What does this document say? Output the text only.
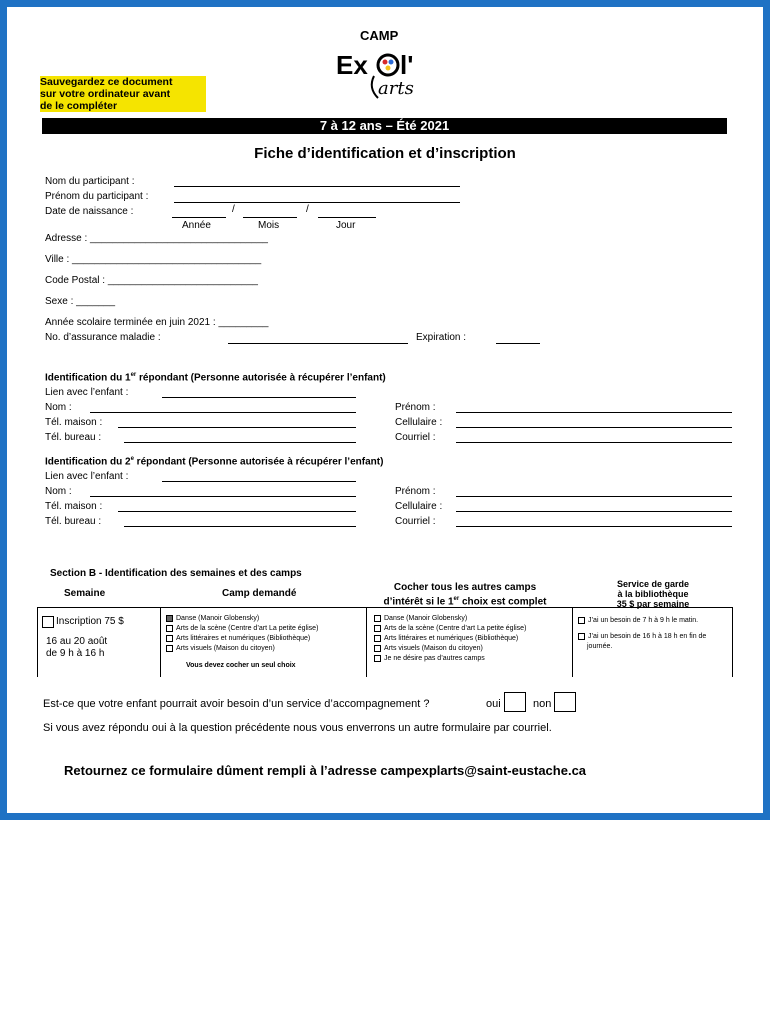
CAMP
Ex l'
arts
Sauvegardez ce document
sur votre ordinateur avant
de le compléter
7 à 12 ans – Été 2021
Fiche d’identification et d’inscription
Nom du participant :
Prénom du participant :
Date de naissance :	/	/
Année	Mois	Jour
Adresse : ________________________________
Ville : __________________________________
Code Postal : ___________________________
Sexe : _______
Année scolaire terminée en juin 2021 : _________
No. d’assurance maladie :	Expiration :
Identification du 1er répondant (Personne autorisée à récupérer l’enfant)
Lien avec l’enfant :
Nom :
Tél. maison :
Tél. bureau :
Prénom :
Cellulaire :
Courriel :
Identification du 2e répondant (Personne autorisée à récupérer l’enfant)
Lien avec l’enfant :
Nom :
Tél. maison :
Tél. bureau :
Prénom :
Cellulaire :
Courriel :
Section B - Identification des semaines et des camps
Semaine	Camp demandé
Cocher tous les autres camps
d’intérêt si le 1er choix est complet
Service de garde
à la bibliothèque
35 $ par semaine
Inscription 75 $
16 au 20 août
de 9 h à 16 h
Danse (Manoir Globensky)
Arts de la scène (Centre d’art La petite église)
Arts littéraires et numériques (Bibliothèque)
Arts visuels (Maison du citoyen)
Vous devez cocher un seul choix
Danse (Manoir Globensky)
Arts de la scène (Centre d’art La petite église)
Arts littéraires et numériques (Bibliothèque)
Arts visuels (Maison du citoyen)
Je ne désire pas d’autres camps
J’ai un besoin de 7 h à 9 h le matin.
J’ai un besoin de 16 h à 18 h en fin de journée.
Est-ce que votre enfant pourrait avoir besoin d’un service d’accompagnement ?	oui	non
Si vous avez répondu oui à la question précédente nous vous enverrons un autre formulaire par courriel.
Retournez ce formulaire dûment rempli à l’adresse campexplarts@saint-eustache.ca
